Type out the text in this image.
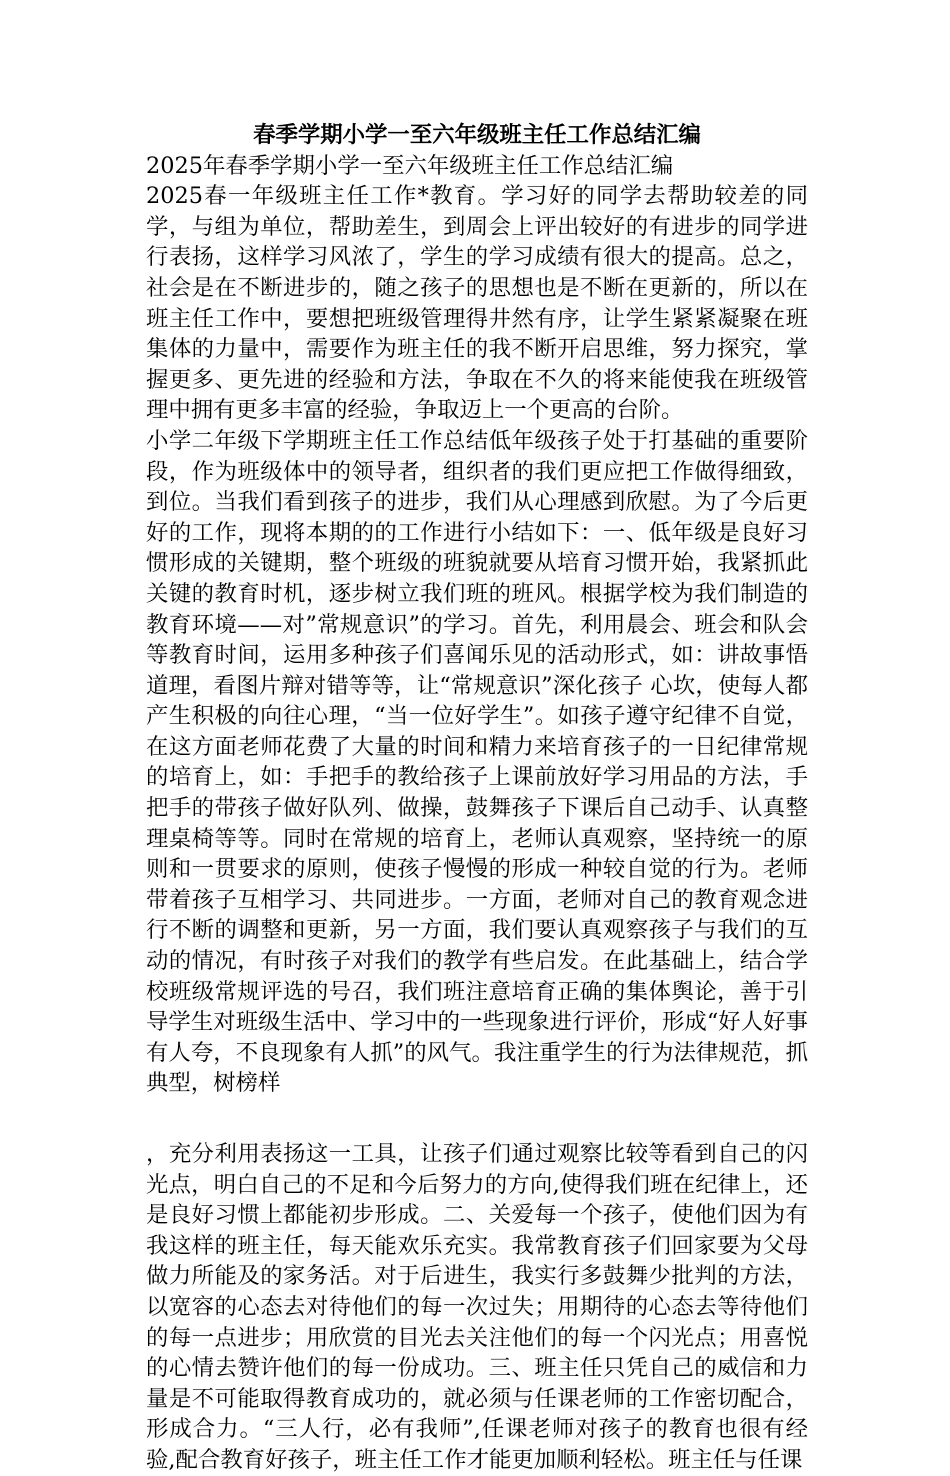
春季学期小学一至六年级班主任工作总结汇编

2025年春季学期小学一至六年级班主任工作总结汇编

2025春一年级班主任工作*教育。学习好的同学去帮助较差的同学，与组为单位，帮助差生，到周会上评出较好的有进步的同学进行表扬，这样学习风浓了，学生的学习成绩有很大的提高。总之，社会是在不断进步的，随之孩子的思想也是不断在更新的，所以在班主任工作中，要想把班级管理得井然有序，让学生紧紧凝聚在班集体的力量中，需要作为班主任的我不断开启思维，努力探究，掌握更多、更先进的经验和方法，争取在不久的将来能使我在班级管理中拥有更多丰富的经验，争取迈上一个更高的台阶。

小学二年级下学期班主任工作总结低年级孩子处于打基础的重要阶段，作为班级体中的领导者，组织者的我们更应把工作做得细致，到位。当我们看到孩子的进步，我们从心理感到欣慰。为了今后更好的工作，现将本期的的工作进行小结如下：一、低年级是良好习惯形成的关键期，整个班级的班貌就要从培育习惯开始，我紧抓此关键的教育时机，逐步树立我们班的班风。根据学校为我们制造的教育环境——对”常规意识”的学习。首先，利用晨会、班会和队会等教育时间，运用多种孩子们喜闻乐见的活动形式，如：讲故事悟道理，看图片辩对错等等，让“常规意识”深化孩子 心坎，使每人都产生积极的向往心理，“当一位好学生”。如孩子遵守纪律不自觉，在这方面老师花费了大量的时间和精力来培育孩子的一日纪律常规的培育上，如：手把手的教给孩子上课前放好学习用品的方法，手把手的带孩子做好队列、做操，鼓舞孩子下课后自己动手、认真整理桌椅等等。同时在常规的培育上，老师认真观察，坚持统一的原则和一贯要求的原则，使孩子慢慢的形成一种较自觉的行为。老师带着孩子互相学习、共同进步。一方面，老师对自己的教育观念进行不断的调整和更新，另一方面，我们要认真观察孩子与我们的互动的情况，有时孩子对我们的教学有些启发。在此基础上，结合学校班级常规评选的号召，我们班注意培育正确的集体舆论，善于引导学生对班级生活中、学习中的一些现象进行评价，形成“好人好事有人夸，不良现象有人抓”的风气。我注重学生的行为法律规范，抓典型，树榜样

，充分利用表扬这一工具，让孩子们通过观察比较等看到自己的闪光点，明白自己的不足和今后努力的方向,使得我们班在纪律上，还是良好习惯上都能初步形成。二、关爱每一个孩子，使他们因为有我这样的班主任，每天能欢乐充实。我常教育孩子们回家要为父母做力所能及的家务活。对于后进生，我实行多鼓舞少批判的方法，以宽容的心态去对待他们的每一次过失；用期待的心态去等待他们的每一点进步；用欣赏的目光去关注他们的每一个闪光点；用喜悦的心情去赞许他们的每一份成功。三、班主任只凭自己的威信和力量是不可能取得教育成功的，就必须与任课老师的工作密切配合，形成合力。“三人行，必有我师”,任课老师对孩子的教育也很有经验,配合教育好孩子，班主任工作才能更加顺利轻松。班主任与任课
